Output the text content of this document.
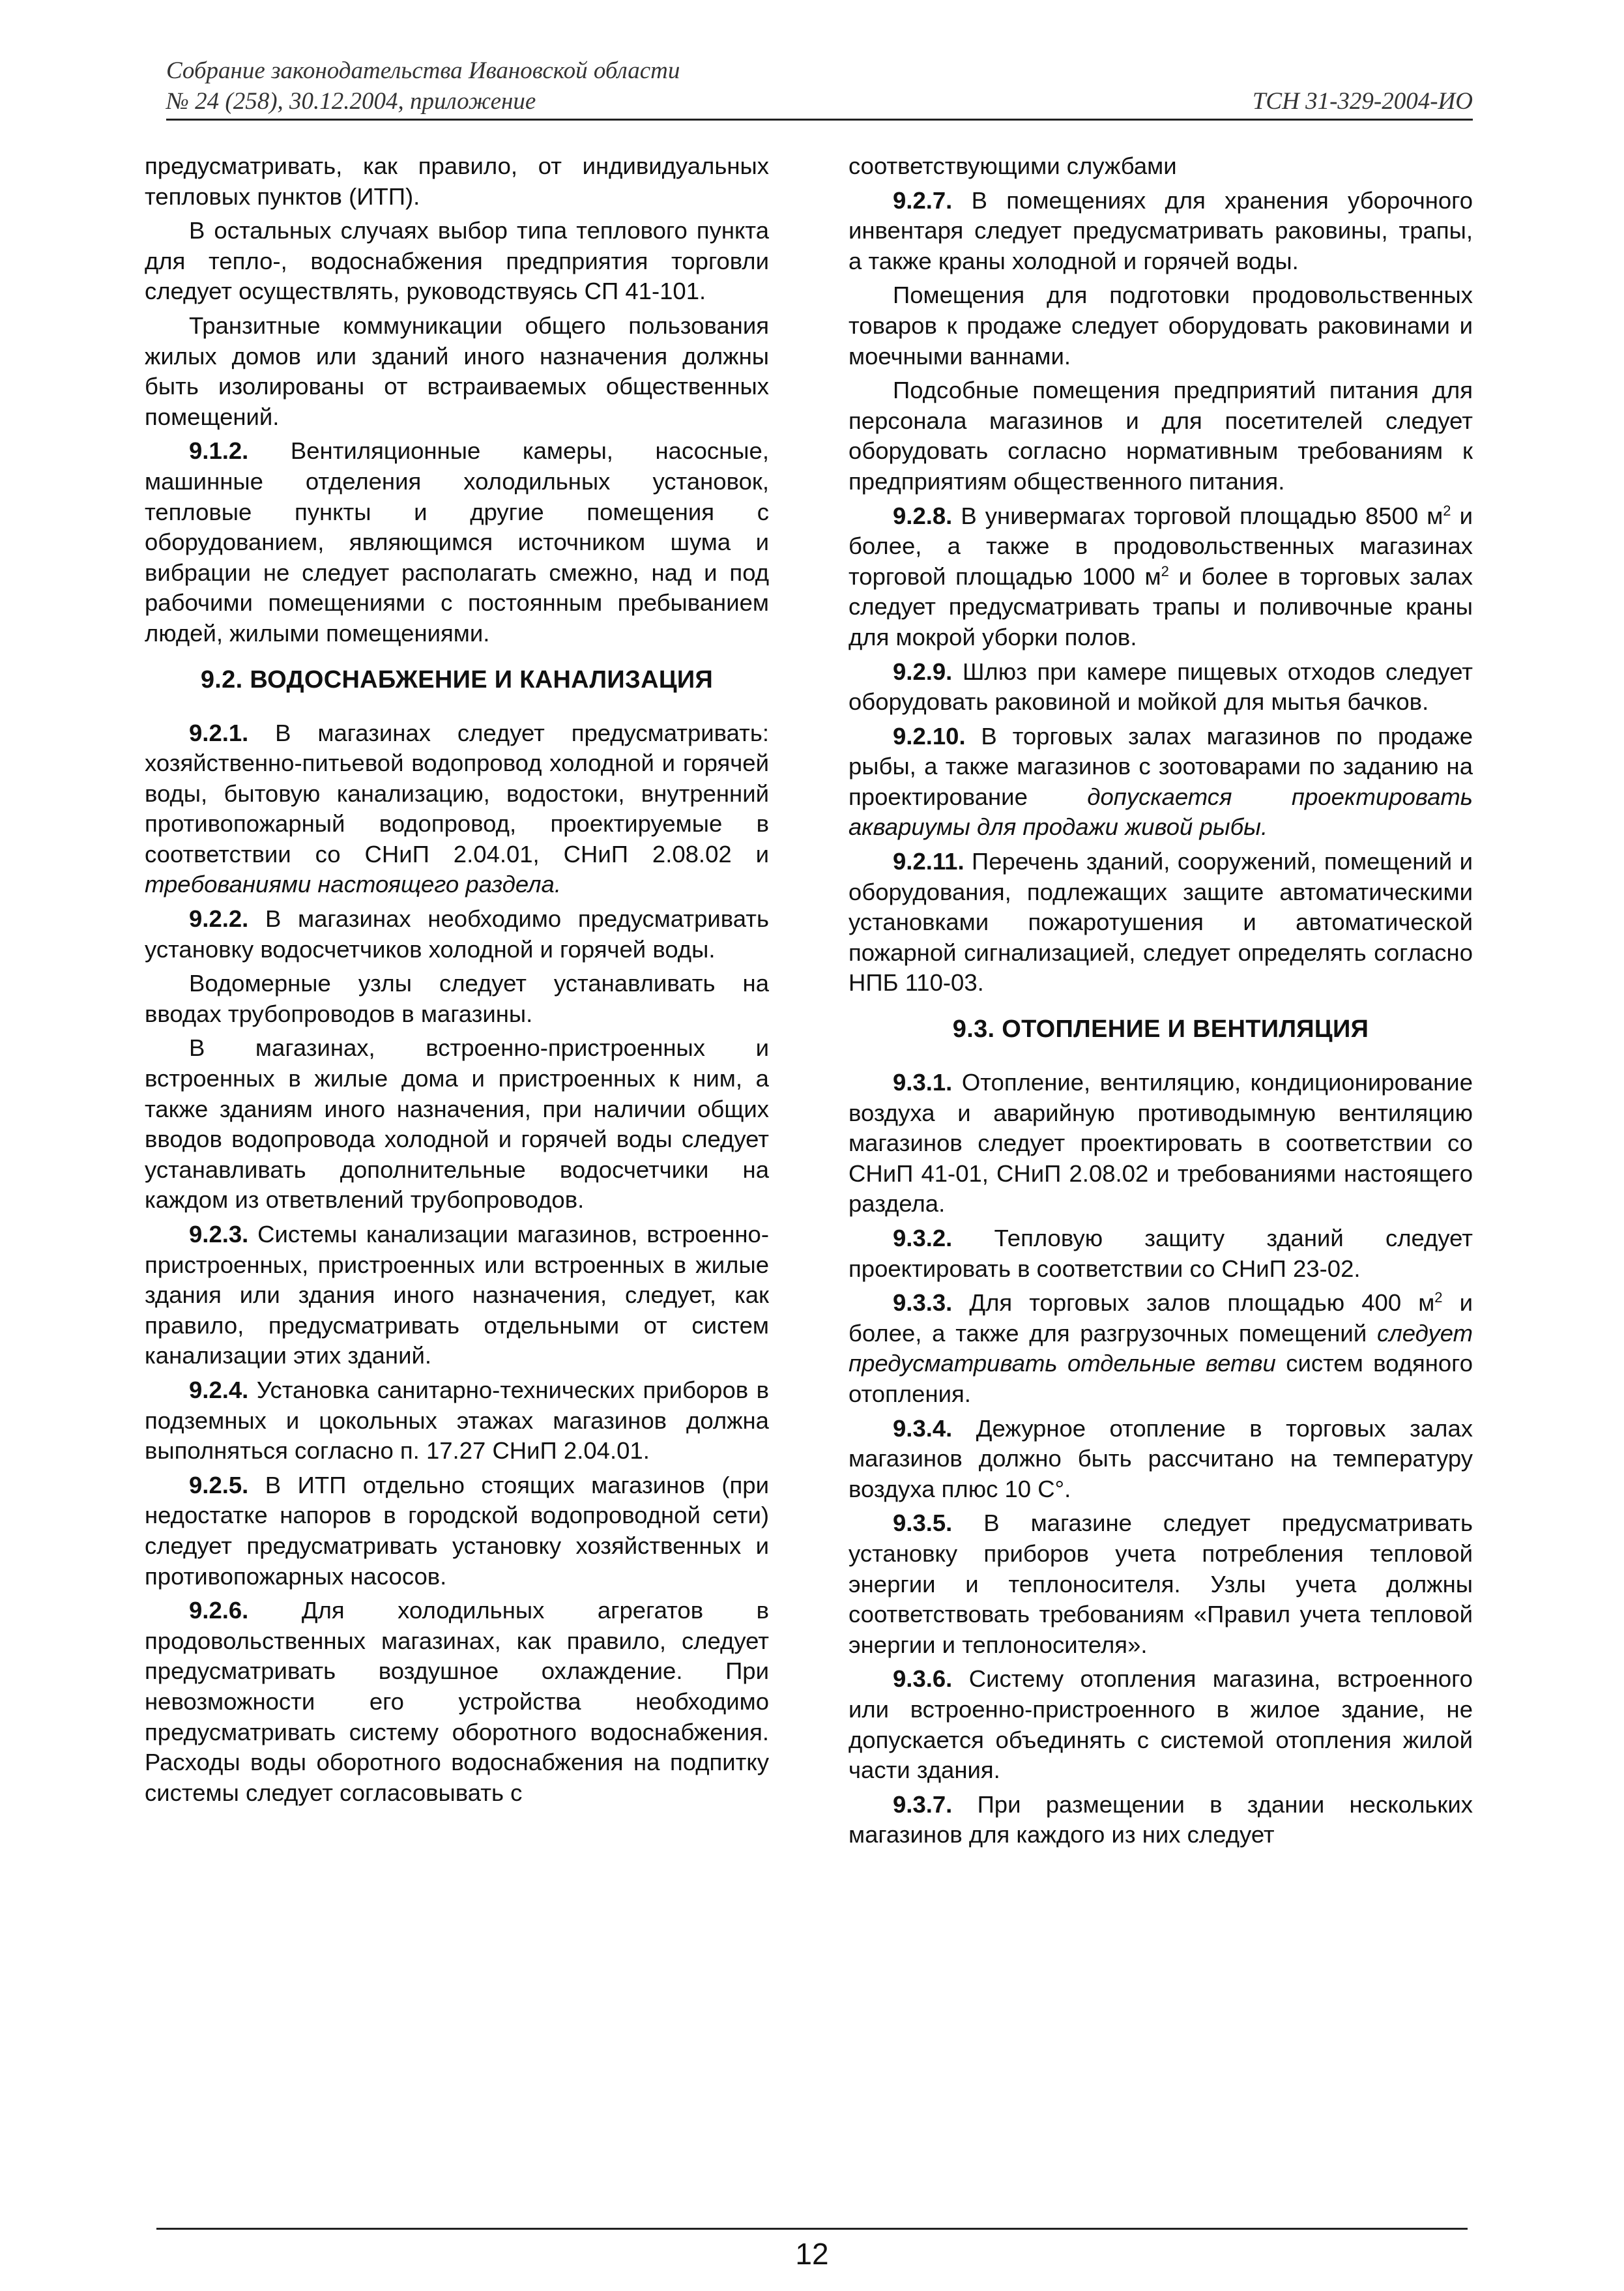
Собрание законодательства Ивановской области
№ 24 (258), 30.12.2004, приложение	ТСН 31-329-2004-ИО

предусматривать, как правило, от индивидуальных тепловых пунктов (ИТП).

В остальных случаях выбор типа теплового пункта для тепло-, водоснабжения предприятия торговли следует осуществлять, руководствуясь СП 41-101.

Транзитные коммуникации общего пользования жилых домов или зданий иного назначения должны быть изолированы от встраиваемых общественных помещений.

9.1.2. Вентиляционные камеры, насосные, машинные отделения холодильных установок, тепловые пункты и другие помещения с оборудованием, являющимся источником шума и вибрации не следует располагать смежно, над и под рабочими помещениями с постоянным пребыванием людей, жилыми помещениями.

9.2. ВОДОСНАБЖЕНИЕ И КАНАЛИЗАЦИЯ

9.2.1. В магазинах следует предусматривать: хозяйственно-питьевой водопровод холодной и горячей воды, бытовую канализацию, водостоки, внутренний противопожарный водопровод, проектируемые в соответствии со СНиП 2.04.01, СНиП 2.08.02 и требованиями настоящего раздела.

9.2.2. В магазинах необходимо предусматривать установку водосчетчиков холодной и горячей воды.

Водомерные узлы следует устанавливать на вводах трубопроводов в магазины.

В магазинах, встроенно-пристроенных и встроенных в жилые дома и пристроенных к ним, а также зданиям иного назначения, при наличии общих вводов водопровода холодной и горячей воды следует устанавливать дополнительные водосчетчики на каждом из ответвлений трубопроводов.

9.2.3. Системы канализации магазинов, встроенно-пристроенных, пристроенных или встроенных в жилые здания или здания иного назначения, следует, как правило, предусматривать отдельными от систем канализации этих зданий.

9.2.4. Установка санитарно-технических приборов в подземных и цокольных этажах магазинов должна выполняться согласно п. 17.27 СНиП 2.04.01.

9.2.5. В ИТП отдельно стоящих магазинов (при недостатке напоров в городской водопроводной сети) следует предусматривать установку хозяйственных и противопожарных насосов.

9.2.6. Для холодильных агрегатов в продовольственных магазинах, как правило, следует предусматривать воздушное охлаждение. При невозможности его устройства необходимо предусматривать систему оборотного водоснабжения. Расходы воды оборотного водоснабжения на подпитку системы следует согласовывать с

соответствующими службами

9.2.7. В помещениях для хранения уборочного инвентаря следует предусматривать раковины, трапы, а также краны холодной и горячей воды.

Помещения для подготовки продовольственных товаров к продаже следует оборудовать раковинами и моечными ваннами.

Подсобные помещения предприятий питания для персонала магазинов и для посетителей следует оборудовать согласно нормативным требованиям к предприятиям общественного питания.

9.2.8. В универмагах торговой площадью 8500 $м^2$ и более, а также в продовольственных магазинах торговой площадью 1000 $м^2$ и более в торговых залах следует предусматривать трапы и поливочные краны для мокрой уборки полов.

9.2.9. Шлюз при камере пищевых отходов следует оборудовать раковиной и мойкой для мытья бачков.

9.2.10. В торговых залах магазинов по продаже рыбы, а также магазинов с зоотоварами по заданию на проектирование допускается проектировать аквариумы для продажи живой рыбы.

9.2.11. Перечень зданий, сооружений, помещений и оборудования, подлежащих защите автоматическими установками пожаротушения и автоматической пожарной сигнализацией, следует определять согласно НПБ 110-03.

9.3. ОТОПЛЕНИЕ И ВЕНТИЛЯЦИЯ

9.3.1. Отопление, вентиляцию, кондиционирование воздуха и аварийную противодымную вентиляцию магазинов следует проектировать в соответствии со СНиП 41-01, СНиП 2.08.02 и требованиями настоящего раздела.

9.3.2. Тепловую защиту зданий следует проектировать в соответствии со СНиП 23-02.

9.3.3. Для торговых залов площадью 400 $м^2$ и более, а также для разгрузочных помещений следует предусматривать отдельные ветви систем водяного отопления.

9.3.4. Дежурное отопление в торговых залах магазинов должно быть рассчитано на температуру воздуха плюс 10 С°.

9.3.5. В магазине следует предусматривать установку приборов учета потребления тепловой энергии и теплоносителя. Узлы учета должны соответствовать требованиям «Правил учета тепловой энергии и теплоносителя».

9.3.6. Систему отопления магазина, встроенного или встроенно-пристроенного в жилое здание, не допускается объединять с системой отопления жилой части здания.

9.3.7. При размещении в здании нескольких магазинов для каждого из них следует

12
